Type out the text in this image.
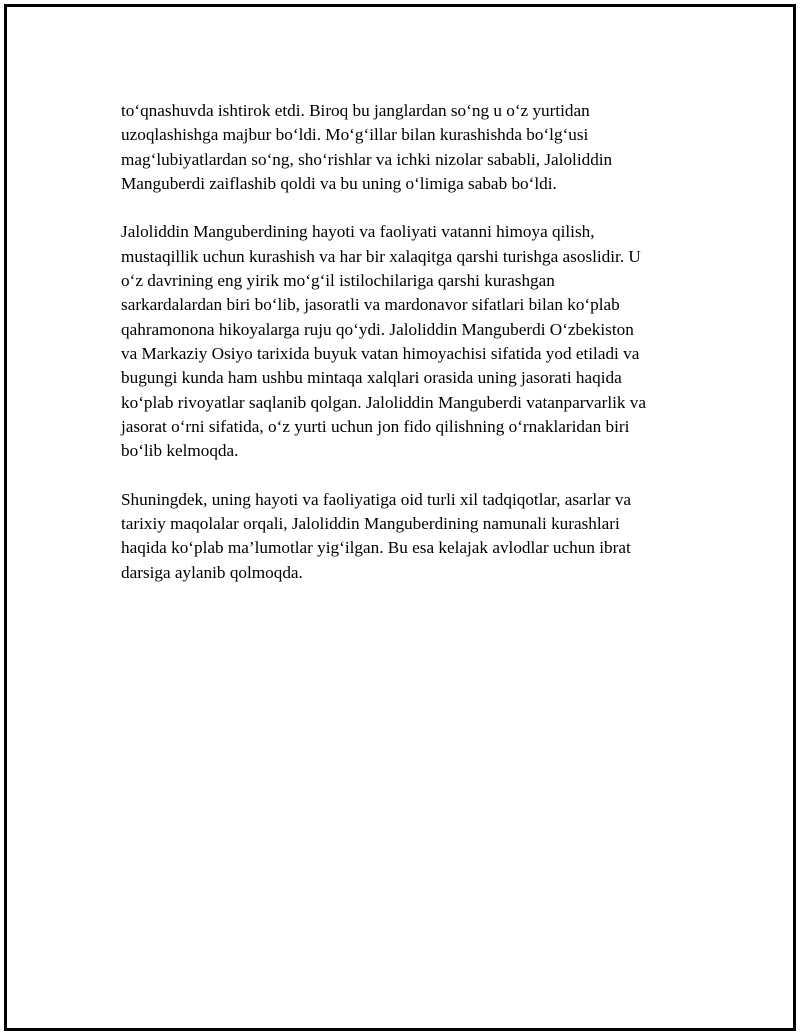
to‘qnashuvda ishtirok etdi. Biroq bu janglardan so‘ng u o‘z yurtidan
uzoqlashishga majbur bo‘ldi. Mo‘g‘illar bilan kurashishda bo‘lg‘usi
mag‘lubiyatlardan so‘ng, sho‘rishlar va ichki nizolar sababli, Jaloliddin
Manguberdi zaiflashib qoldi va bu uning o‘limiga sabab bo‘ldi.

Jaloliddin Manguberdining hayoti va faoliyati vatanni himoya qilish,
mustaqillik uchun kurashish va har bir xalaqitga qarshi turishga asoslidir. U
o‘z davrining eng yirik mo‘g‘il istilochilariga qarshi kurashgan
sarkardalardan biri bo‘lib, jasoratli va mardonavor sifatlari bilan ko‘plab
qahramonona hikoyalarga ruju qo‘ydi. Jaloliddin Manguberdi O‘zbekiston
va Markaziy Osiyo tarixida buyuk vatan himoyachisi sifatida yod etiladi va
bugungi kunda ham ushbu mintaqa xalqlari orasida uning jasorati haqida
ko‘plab rivoyatlar saqlanib qolgan. Jaloliddin Manguberdi vatanparvarlik va
jasorat o‘rni sifatida, o‘z yurti uchun jon fido qilishning o‘rnaklaridan biri
bo‘lib kelmoqda.

Shuningdek, uning hayoti va faoliyatiga oid turli xil tadqiqotlar, asarlar va
tarixiy maqolalar orqali, Jaloliddin Manguberdining namunali kurashlari
haqida ko‘plab ma’lumotlar yig‘ilgan. Bu esa kelajak avlodlar uchun ibrat
darsiga aylanib qolmoqda.
